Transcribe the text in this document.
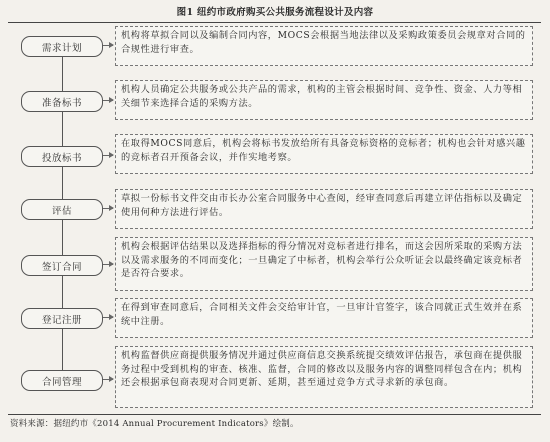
图1 纽约市政府购买公共服务流程设计及内容
需求计划
机构将草拟合同以及编制合同内容，MOCS会根据当地法律以及采购政策委员会规章对合同的合规性进行审查。
准备标书
机构人员确定公共服务或公共产品的需求，机构的主管会根据时间、竞争性、资金、人力等相关细节来选择合适的采购方法。
投放标书
在取得MOCS同意后，机构会将标书发放给所有具备竞标资格的竞标者；机构也会针对感兴趣的竞标者召开预备会议，并作实地考察。
评估
草拟一份标书文件交由市长办公室合同服务中心查阅，经审查同意后再建立评估指标以及确定使用何种方法进行评估。
签订合同
机构会根据评估结果以及选择指标的得分情况对竞标者进行排名，而这会因所采取的采购方法以及需求服务的不同而变化；一旦确定了中标者，机构会举行公众听证会以最终确定该竞标者是否符合要求。
登记注册
在得到审查同意后，合同相关文件会交给审计官，一旦审计官签字，该合同就正式生效并在系统中注册。
合同管理
机构监督供应商提供服务情况并通过供应商信息交换系统提交绩效评估报告，承包商在提供服务过程中受到机构的审查、核准、监督，合同的修改以及服务内容的调整同样包含在内；机构还会根据承包商表现对合同更新、延期，甚至通过竞争方式寻求新的承包商。
资料来源：据纽约市《2014 Annual Procurement Indicators》绘制。
